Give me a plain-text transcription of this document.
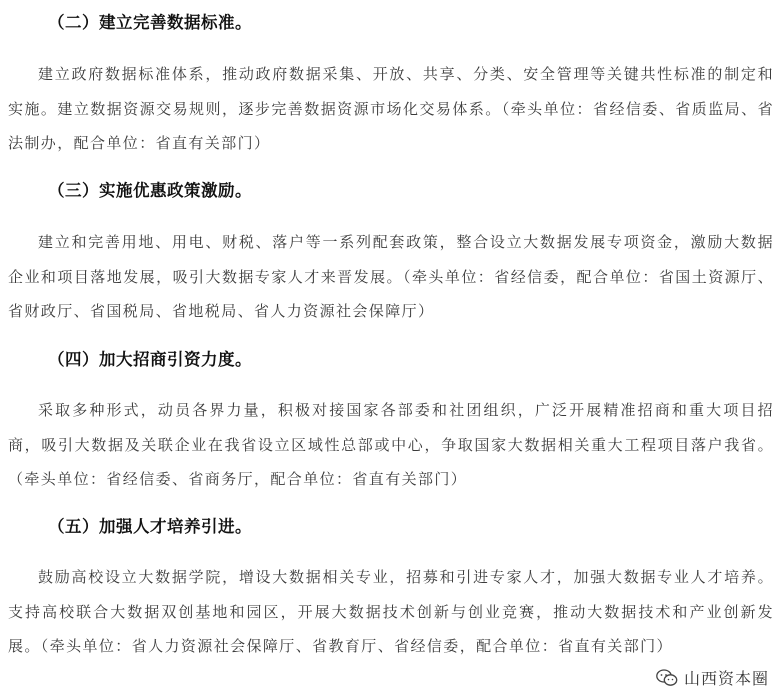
（二）建立完善数据标准。
建立政府数据标准体系，推动政府数据采集、开放、共享、分类、安全管理等关键共性标准的制定和实施。建立数据资源交易规则，逐步完善数据资源市场化交易体系。（牵头单位：省经信委、省质监局、省法制办，配合单位：省直有关部门）
（三）实施优惠政策激励。
建立和完善用地、用电、财税、落户等一系列配套政策，整合设立大数据发展专项资金，激励大数据企业和项目落地发展，吸引大数据专家人才来晋发展。（牵头单位：省经信委，配合单位：省国土资源厅、省财政厅、省国税局、省地税局、省人力资源社会保障厅）
（四）加大招商引资力度。
采取多种形式，动员各界力量，积极对接国家各部委和社团组织，广泛开展精准招商和重大项目招商，吸引大数据及关联企业在我省设立区域性总部或中心，争取国家大数据相关重大工程项目落户我省。（牵头单位：省经信委、省商务厅，配合单位：省直有关部门）
（五）加强人才培养引进。
鼓励高校设立大数据学院，增设大数据相关专业，招募和引进专家人才，加强大数据专业人才培养。支持高校联合大数据双创基地和园区，开展大数据技术创新与创业竞赛，推动大数据技术和产业创新发展。（牵头单位：省人力资源社会保障厅、省教育厅、省经信委，配合单位：省直有关部门）
山西资本圈
